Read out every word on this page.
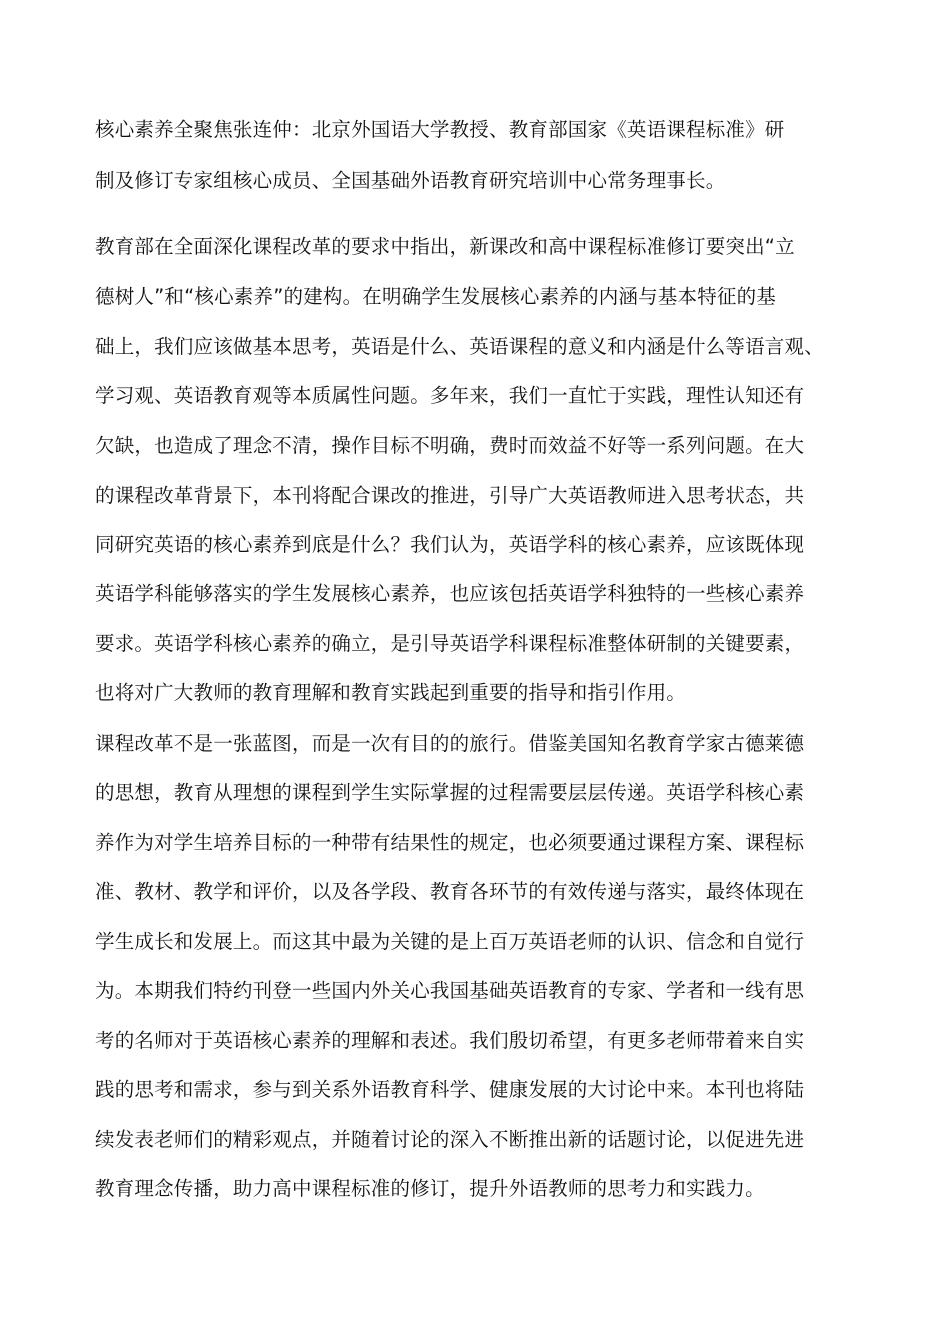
核心素养全聚焦张连仲：北京外国语大学教授、教育部国家《英语课程标准》研
制及修订专家组核心成员、全国基础外语教育研究培训中心常务理事长。
教育部在全面深化课程改革的要求中指出，新课改和高中课程标准修订要突出“立
德树人”和“核心素养”的建构。在明确学生发展核心素养的内涵与基本特征的基
础上，我们应该做基本思考，英语是什么、英语课程的意义和内涵是什么等语言观、
学习观、英语教育观等本质属性问题。多年来，我们一直忙于实践，理性认知还有
欠缺，也造成了理念不清，操作目标不明确，费时而效益不好等一系列问题。在大
的课程改革背景下，本刊将配合课改的推进，引导广大英语教师进入思考状态，共
同研究英语的核心素养到底是什么？我们认为，英语学科的核心素养，应该既体现
英语学科能够落实的学生发展核心素养，也应该包括英语学科独特的一些核心素养
要求。英语学科核心素养的确立，是引导英语学科课程标准整体研制的关键要素，
也将对广大教师的教育理解和教育实践起到重要的指导和指引作用。
课程改革不是一张蓝图，而是一次有目的的旅行。借鉴美国知名教育学家古德莱德
的思想，教育从理想的课程到学生实际掌握的过程需要层层传递。英语学科核心素
养作为对学生培养目标的一种带有结果性的规定，也必须要通过课程方案、课程标
准、教材、教学和评价，以及各学段、教育各环节的有效传递与落实，最终体现在
学生成长和发展上。而这其中最为关键的是上百万英语老师的认识、信念和自觉行
为。本期我们特约刊登一些国内外关心我国基础英语教育的专家、学者和一线有思
考的名师对于英语核心素养的理解和表述。我们殷切希望，有更多老师带着来自实
践的思考和需求，参与到关系外语教育科学、健康发展的大讨论中来。本刊也将陆
续发表老师们的精彩观点，并随着讨论的深入不断推出新的话题讨论，以促进先进
教育理念传播，助力高中课程标准的修订，提升外语教师的思考力和实践力。
